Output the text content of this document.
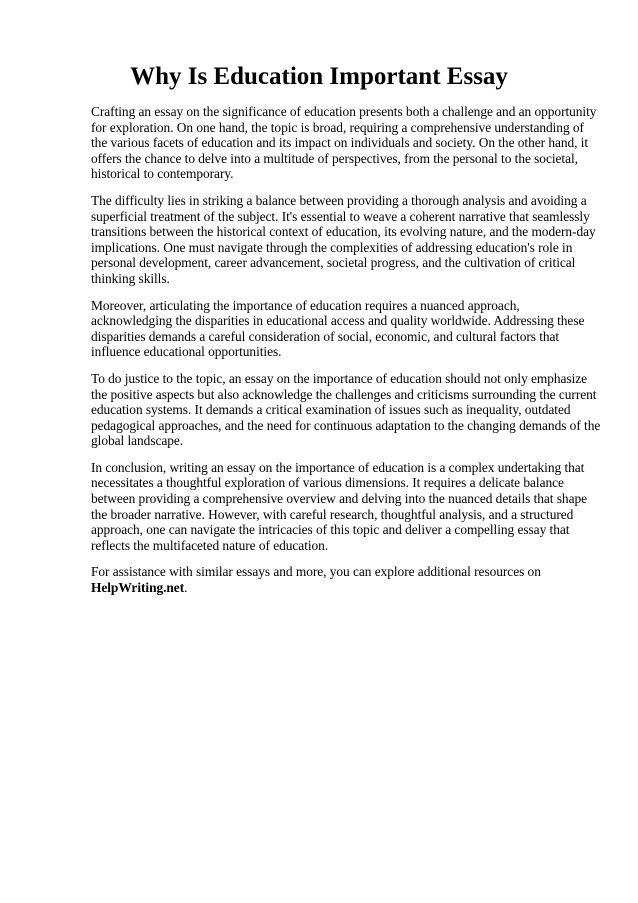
Why Is Education Important Essay

Crafting an essay on the significance of education presents both a challenge and an opportunity for exploration. On one hand, the topic is broad, requiring a comprehensive understanding of the various facets of education and its impact on individuals and society. On the other hand, it offers the chance to delve into a multitude of perspectives, from the personal to the societal, historical to contemporary.

The difficulty lies in striking a balance between providing a thorough analysis and avoiding a superficial treatment of the subject. It's essential to weave a coherent narrative that seamlessly transitions between the historical context of education, its evolving nature, and the modern-day implications. One must navigate through the complexities of addressing education's role in personal development, career advancement, societal progress, and the cultivation of critical thinking skills.

Moreover, articulating the importance of education requires a nuanced approach, acknowledging the disparities in educational access and quality worldwide. Addressing these disparities demands a careful consideration of social, economic, and cultural factors that influence educational opportunities.

To do justice to the topic, an essay on the importance of education should not only emphasize the positive aspects but also acknowledge the challenges and criticisms surrounding the current education systems. It demands a critical examination of issues such as inequality, outdated pedagogical approaches, and the need for continuous adaptation to the changing demands of the global landscape.

In conclusion, writing an essay on the importance of education is a complex undertaking that necessitates a thoughtful exploration of various dimensions. It requires a delicate balance between providing a comprehensive overview and delving into the nuanced details that shape the broader narrative. However, with careful research, thoughtful analysis, and a structured approach, one can navigate the intricacies of this topic and deliver a compelling essay that reflects the multifaceted nature of education.

For assistance with similar essays and more, you can explore additional resources on HelpWriting.net.
